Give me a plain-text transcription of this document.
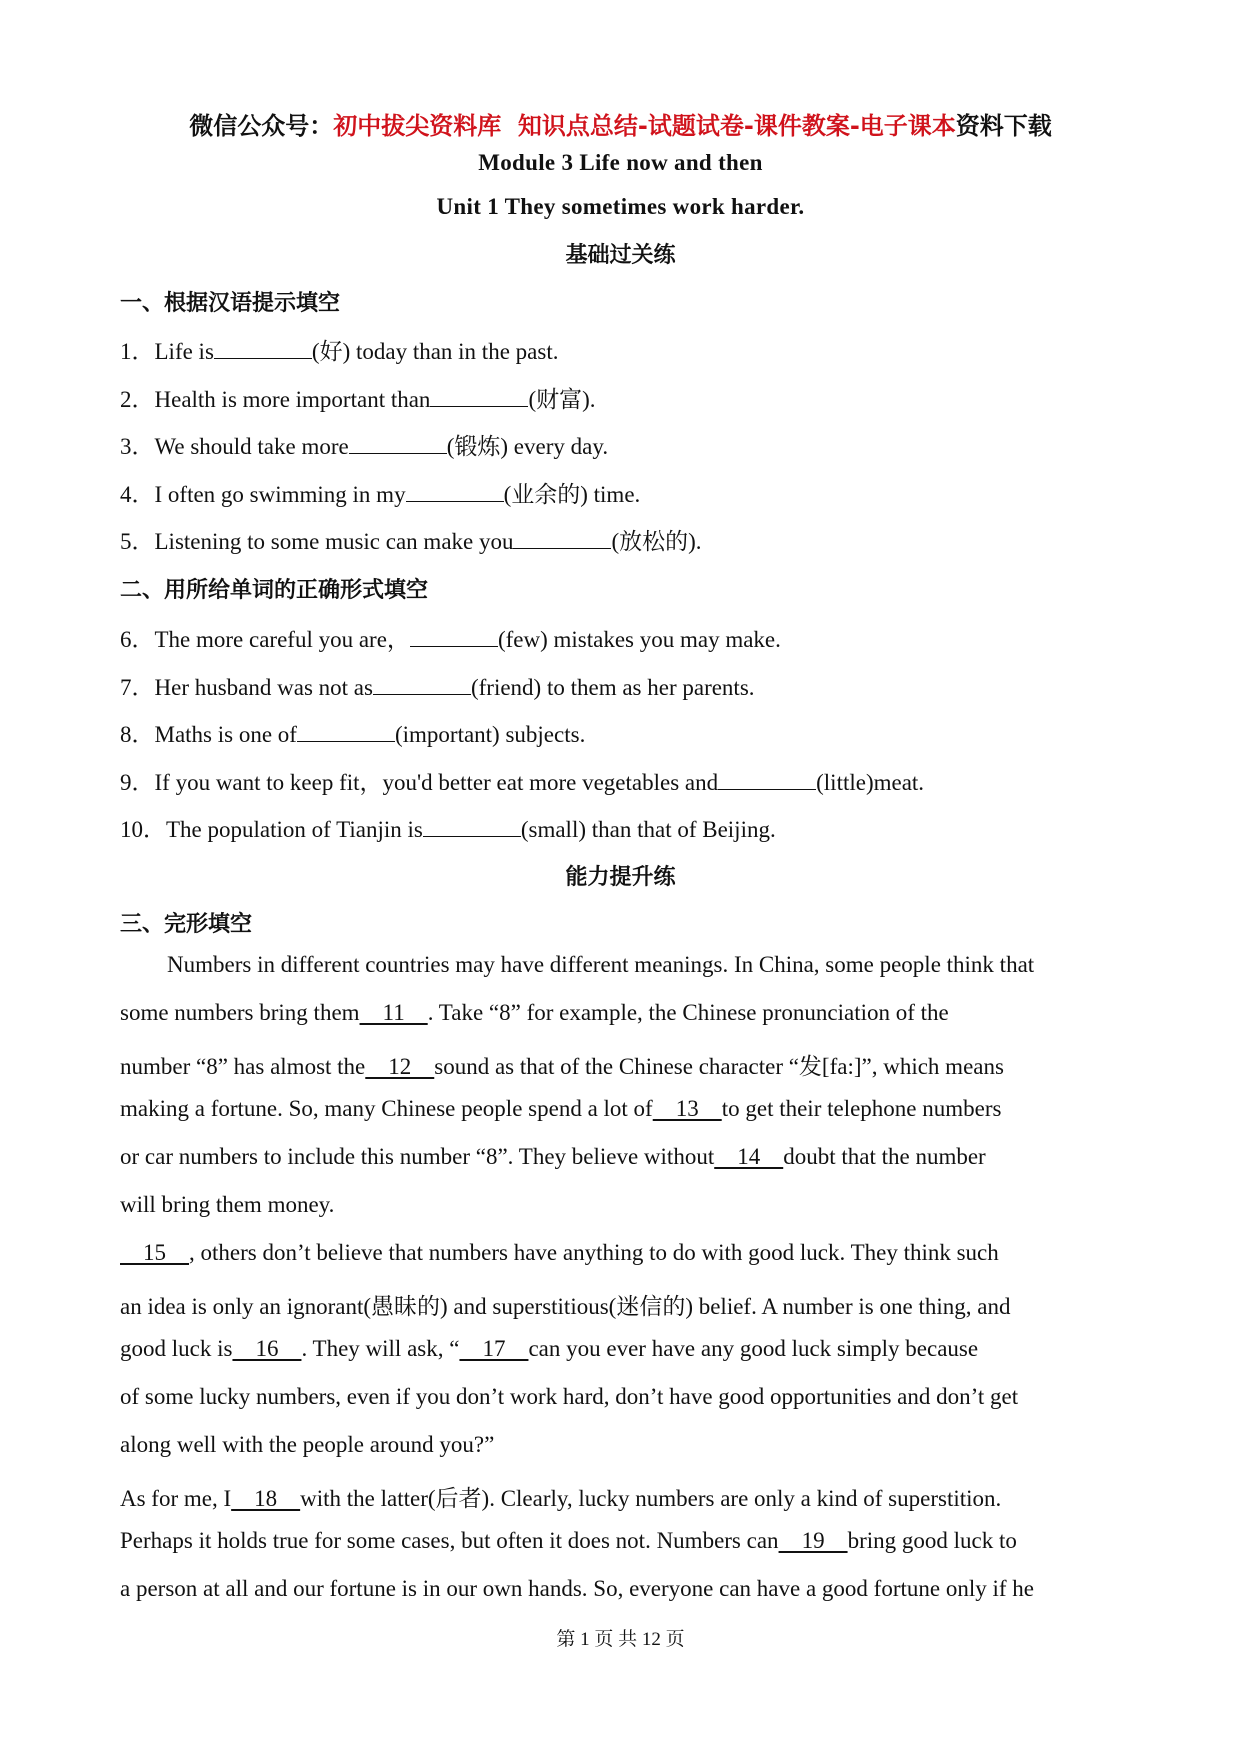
微信公众号：初中拔尖资料库  知识点总结-试题试卷-课件教案-电子课本资料下载
Module 3 Life now and then
Unit 1 They sometimes work harder.
基础过关练
一、根据汉语提示填空
1．Life is	(好) today than in the past.
2．Health is more important than	(财富).
3．We should take more	(锻炼) every day.
4．I often go swimming in my	(业余的) time.
5．Listening to some music can make you	(放松的).
二、用所给单词的正确形式填空
6．The more careful you are，	(few) mistakes you may make.
7．Her husband was not as	(friend) to them as her parents.
8．Maths is one of	(important) subjects.
9．If you want to keep fit，you'd better eat more vegetables and	(little)meat.
10．The population of Tianjin is	(small) than that of Beijing.
能力提升练
三、完形填空
Numbers in different countries may have different meanings. In China, some people think that
some numbers bring them 11 . Take “8” for example, the Chinese pronunciation of the
number “8” has almost the 12 sound as that of the Chinese character “发[fa:]”, which means
making a fortune. So, many Chinese people spend a lot of 13 to get their telephone numbers
or car numbers to include this number “8”. They believe without 14 doubt that the number
will bring them money.
 15 , others don’t believe that numbers have anything to do with good luck. They think such
an idea is only an ignorant(愚昧的) and superstitious(迷信的) belief. A number is one thing, and
good luck is 16 . They will ask, “ 17 can you ever have any good luck simply because
of some lucky numbers, even if you don’t work hard, don’t have good opportunities and don’t get
along well with the people around you?”
As for me, I 18 with the latter(后者). Clearly, lucky numbers are only a kind of superstition.
Perhaps it holds true for some cases, but often it does not. Numbers can 19 bring good luck to
a person at all and our fortune is in our own hands. So, everyone can have a good fortune only if he
第 1 页 共 12 页
